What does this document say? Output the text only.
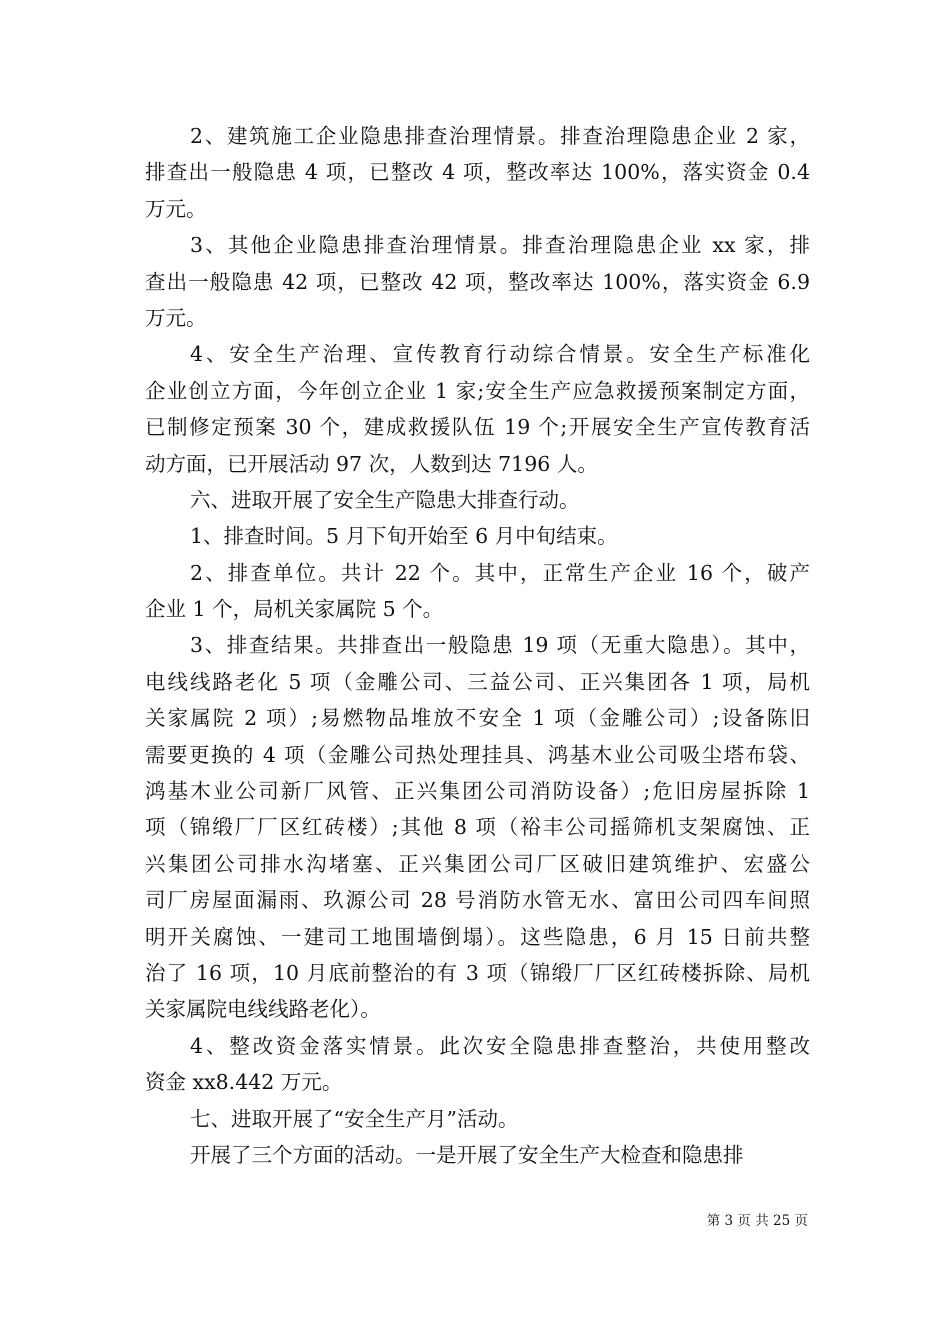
2、建筑施工企业隐患排查治理情景。排查治理隐患企业 2 家，
排查出一般隐患 4 项，已整改 4 项，整改率达 100%，落实资金 0.4
万元。
3、其他企业隐患排查治理情景。排查治理隐患企业 xx 家，排
查出一般隐患 42 项，已整改 42 项，整改率达 100%，落实资金 6.9
万元。
4、安全生产治理、宣传教育行动综合情景。安全生产标准化
企业创立方面，今年创立企业 1 家;安全生产应急救援预案制定方面，
已制修定预案 30 个，建成救援队伍 19 个;开展安全生产宣传教育活
动方面，已开展活动 97 次，人数到达 7196 人。
六、进取开展了安全生产隐患大排查行动。
1、排查时间。5 月下旬开始至 6 月中旬结束。
2、排查单位。共计 22 个。其中，正常生产企业 16 个，破产
企业 1 个，局机关家属院 5 个。
3、排查结果。共排查出一般隐患 19 项（无重大隐患）。其中，
电线线路老化 5 项（金雕公司、三益公司、正兴集团各 1 项，局机
关家属院 2 项）;易燃物品堆放不安全 1 项（金雕公司）;设备陈旧
需要更换的 4 项（金雕公司热处理挂具、鸿基木业公司吸尘塔布袋、
鸿基木业公司新厂风管、正兴集团公司消防设备）;危旧房屋拆除 1
项（锦缎厂厂区红砖楼）;其他 8 项（裕丰公司摇筛机支架腐蚀、正
兴集团公司排水沟堵塞、正兴集团公司厂区破旧建筑维护、宏盛公
司厂房屋面漏雨、玖源公司 28 号消防水管无水、富田公司四车间照
明开关腐蚀、一建司工地围墙倒塌）。这些隐患，6 月 15 日前共整
治了 16 项，10 月底前整治的有 3 项（锦缎厂厂区红砖楼拆除、局机
关家属院电线线路老化）。
4、整改资金落实情景。此次安全隐患排查整治，共使用整改
资金 xx8.442 万元。
七、进取开展了“安全生产月”活动。
开展了三个方面的活动。一是开展了安全生产大检查和隐患排
第 3 页 共 25 页
